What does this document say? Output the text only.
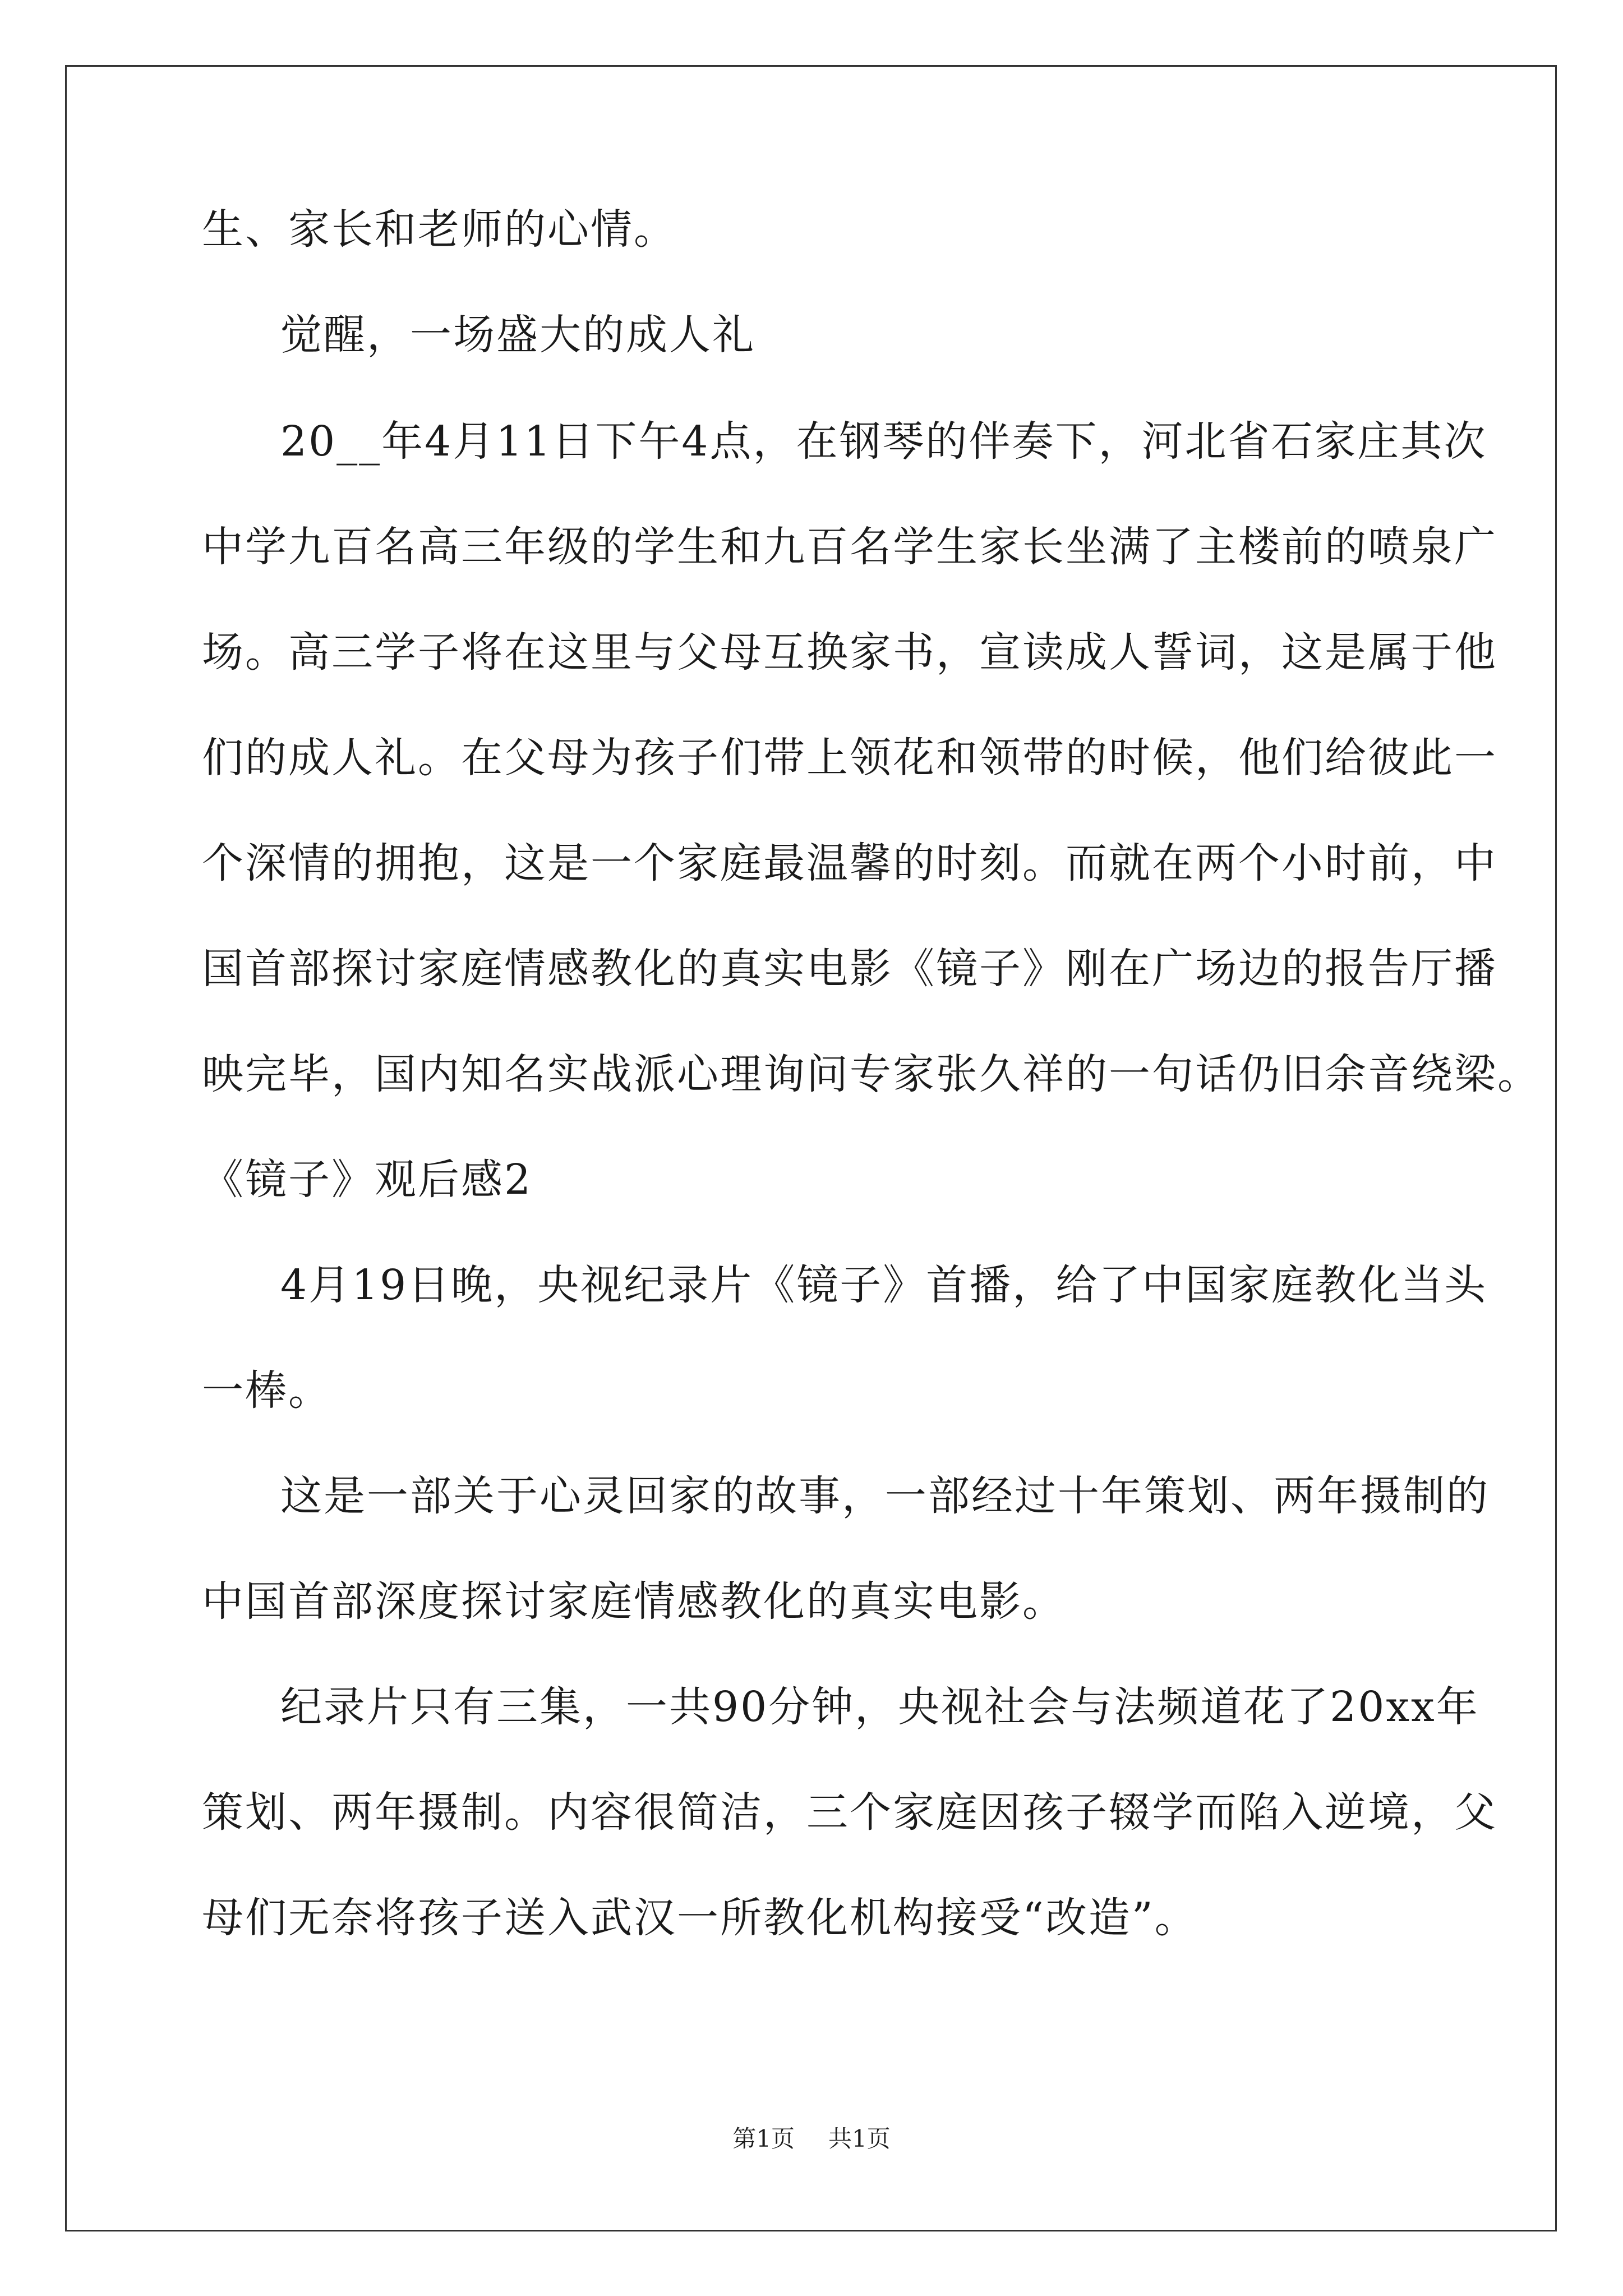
生、家长和老师的心情。
觉醒，一场盛大的成人礼
20__年4月11日下午4点，在钢琴的伴奏下，河北省石家庄其次
中学九百名高三年级的学生和九百名学生家长坐满了主楼前的喷泉广
场。高三学子将在这里与父母互换家书，宣读成人誓词，这是属于他
们的成人礼。在父母为孩子们带上领花和领带的时候，他们给彼此一
个深情的拥抱，这是一个家庭最温馨的时刻。而就在两个小时前，中
国首部探讨家庭情感教化的真实电影《镜子》刚在广场边的报告厅播
映完毕，国内知名实战派心理询问专家张久祥的一句话仍旧余音绕梁。
《镜子》观后感2
4月19日晚，央视纪录片《镜子》首播，给了中国家庭教化当头
一棒。
这是一部关于心灵回家的故事，一部经过十年策划、两年摄制的
中国首部深度探讨家庭情感教化的真实电影。
纪录片只有三集，一共90分钟，央视社会与法频道花了20xx年
策划、两年摄制。内容很简洁，三个家庭因孩子辍学而陷入逆境，父
母们无奈将孩子送入武汉一所教化机构接受“改造”。
第1页 共1页
